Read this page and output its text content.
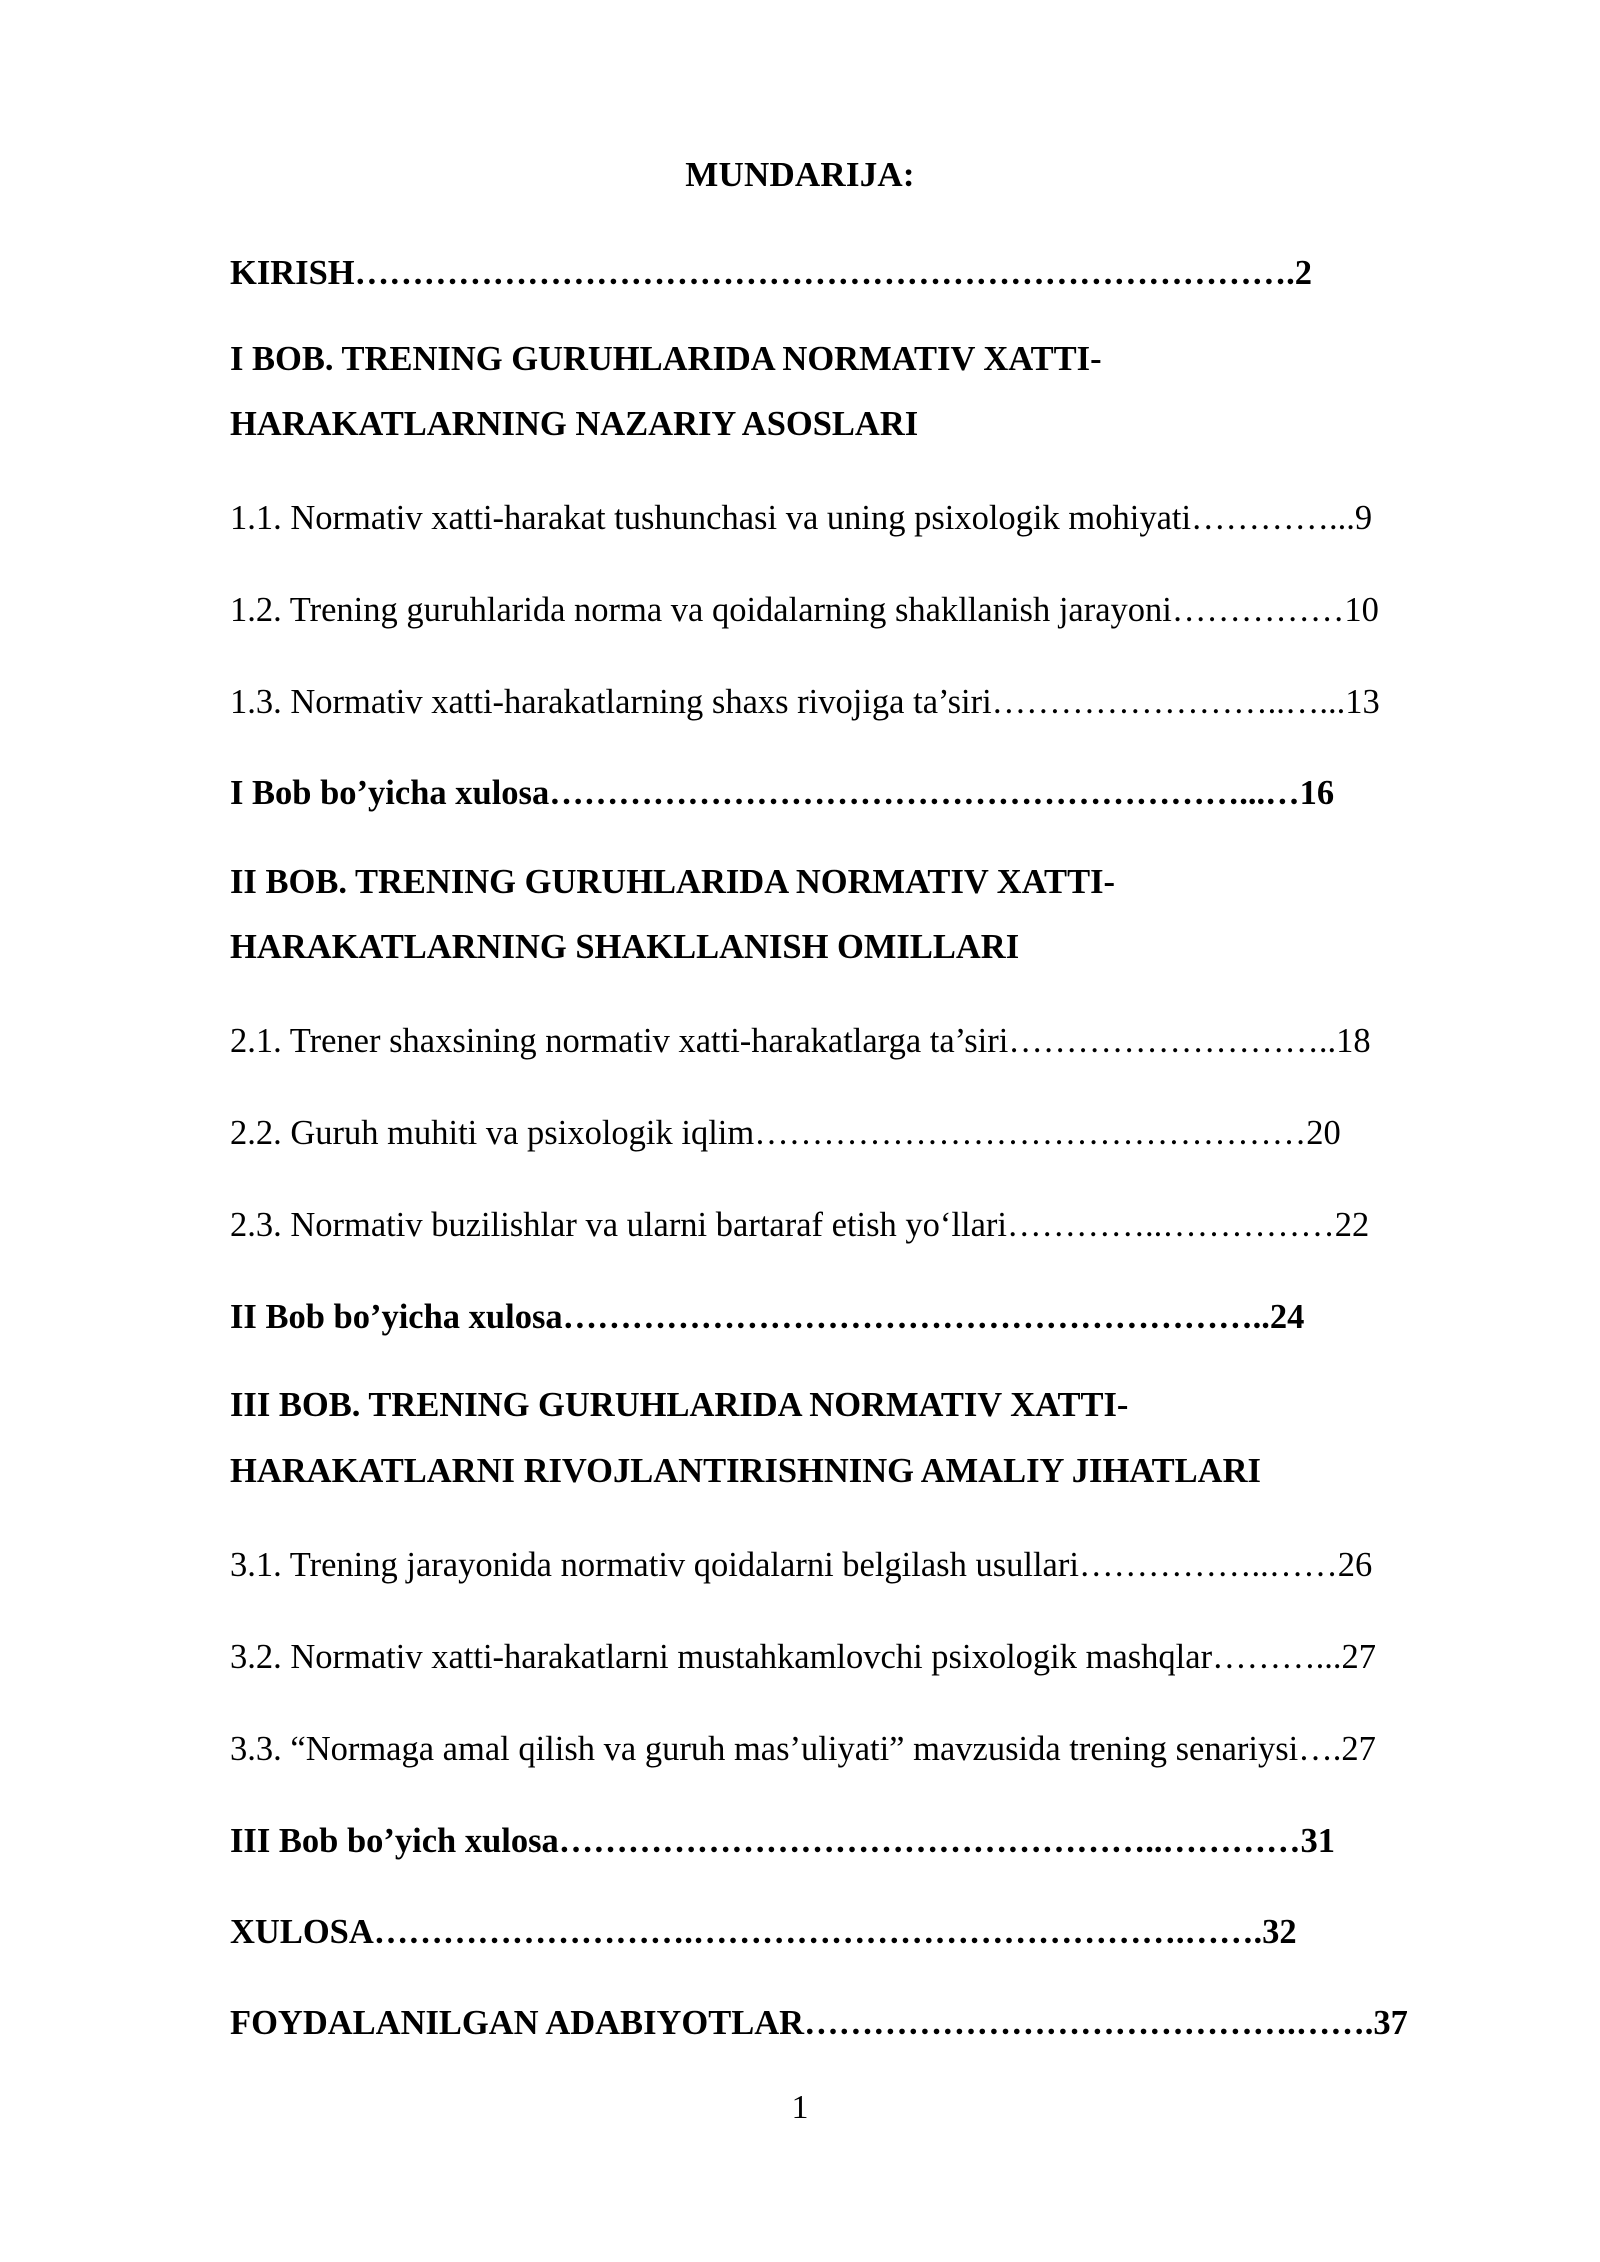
MUNDARIJA:
KIRISH……………………………………………………………………….2
I BOB. TRENING GURUHLARIDA NORMATIV XATTI-
HARAKATLARNING NAZARIY ASOSLARI
1.1. Normativ xatti-harakat tushunchasi va uning psixologik mohiyati…………...9
1.2. Trening guruhlarida norma va qoidalarning shakllanish jarayoni……………10
1.3. Normativ xatti-harakatlarning shaxs rivojiga ta’siri……………………..…...13
I Bob bo’yicha xulosa……………………………………………………...…16
II BOB. TRENING GURUHLARIDA NORMATIV XATTI-
HARAKATLARNING SHAKLLANISH OMILLARI
2.1. Trener shaxsining normativ xatti-harakatlarga ta’siri………………………..18
2.2. Guruh muhiti va psixologik iqlim…………………………………………20
2.3. Normativ buzilishlar va ularni bartaraf etish yo‘llari…………..……………22
II Bob bo’yicha xulosa……………………………………………………..24
III BOB. TRENING GURUHLARIDA NORMATIV XATTI-
HARAKATLARNI RIVOJLANTIRISHNING AMALIY JIHATLARI
3.1. Trening jarayonida normativ qoidalarni belgilash usullari……………..……26
3.2. Normativ xatti-harakatlarni mustahkamlovchi psixologik mashqlar………...27
3.3. “Normaga amal qilish va guruh mas’uliyati” mavzusida trening senariysi….27
III Bob bo’yich xulosa……………………………………………..…………31
XULOSA……………………….…………………………………….…….32
FOYDALANILGAN ADABIYOTLAR…………………………………….…….37
1
